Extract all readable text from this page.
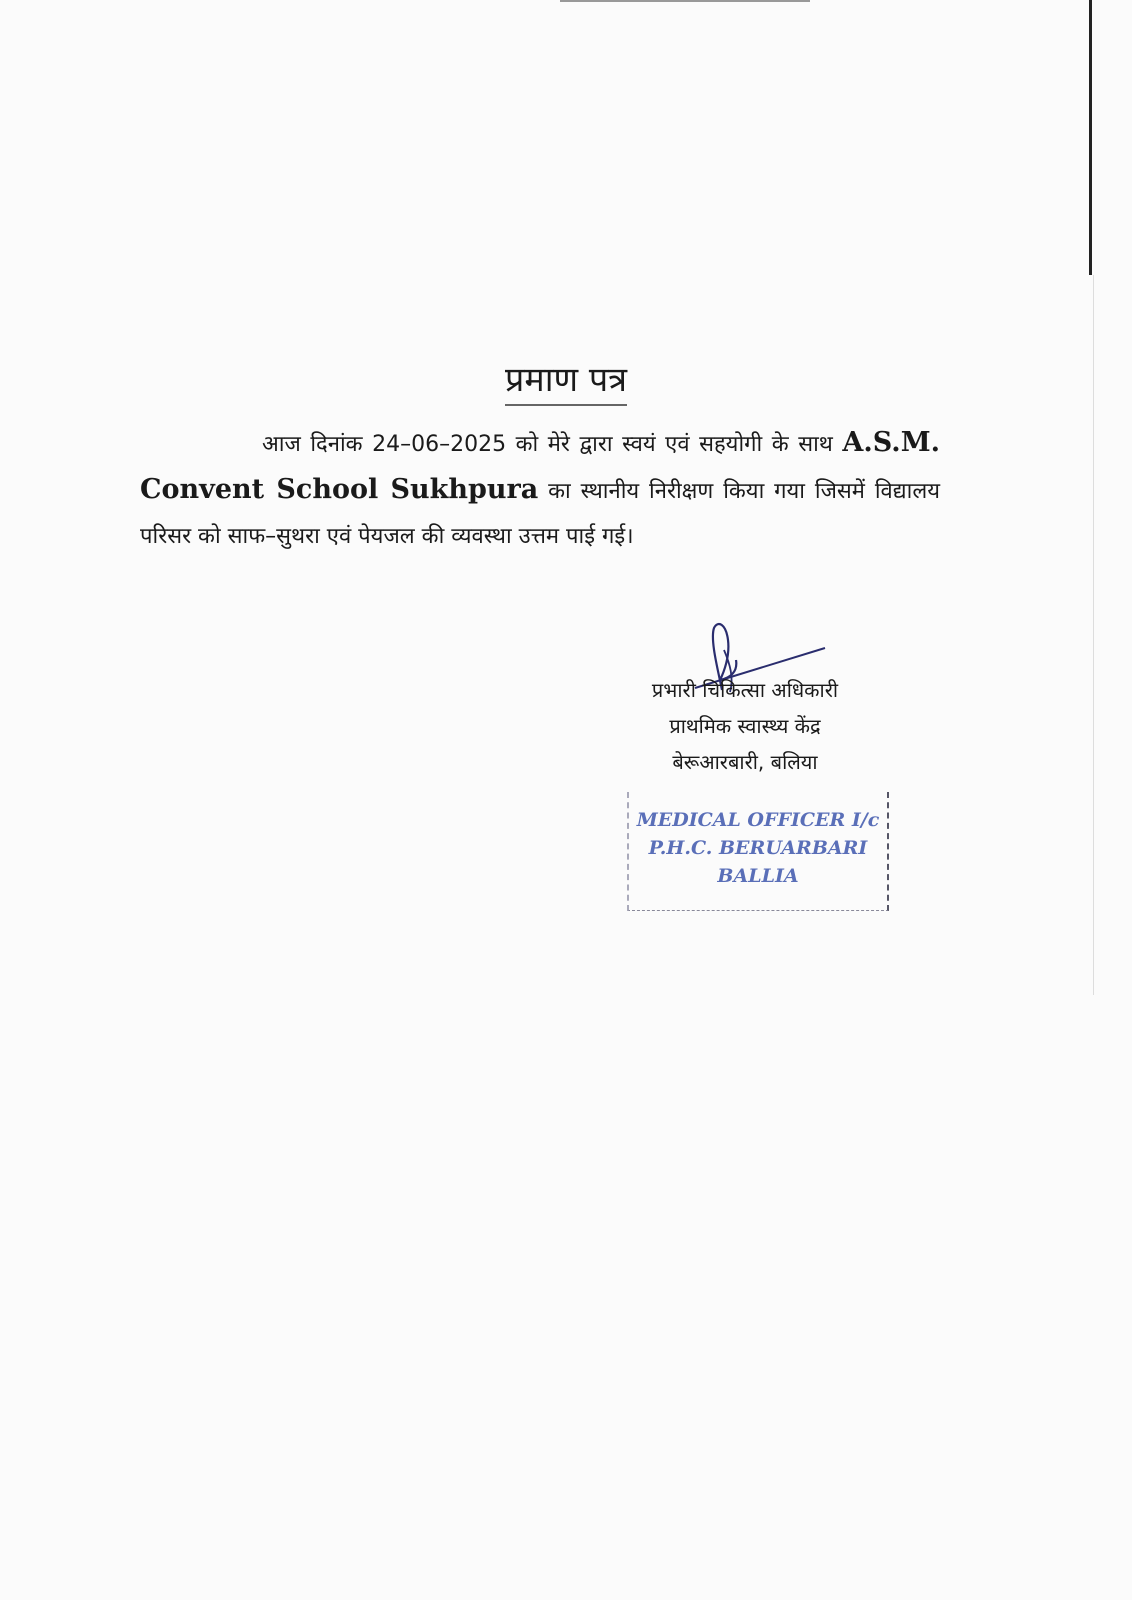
प्रमाण पत्र
आज दिनांक 24–06–2025 को मेरे द्वारा स्वयं एवं सहयोगी के साथ A.S.M. Convent School Sukhpura का स्थानीय निरीक्षण किया गया जिसमें विद्यालय परिसर को साफ–सुथरा एवं पेयजल की व्यवस्था उत्तम पाई गई।
प्रभारी चिकित्सा अधिकारी
प्राथमिक स्वास्थ्य केंद्र
बेरूआरबारी, बलिया
MEDICAL OFFICER I/c
P.H.C. BERUARBARI
BALLIA
